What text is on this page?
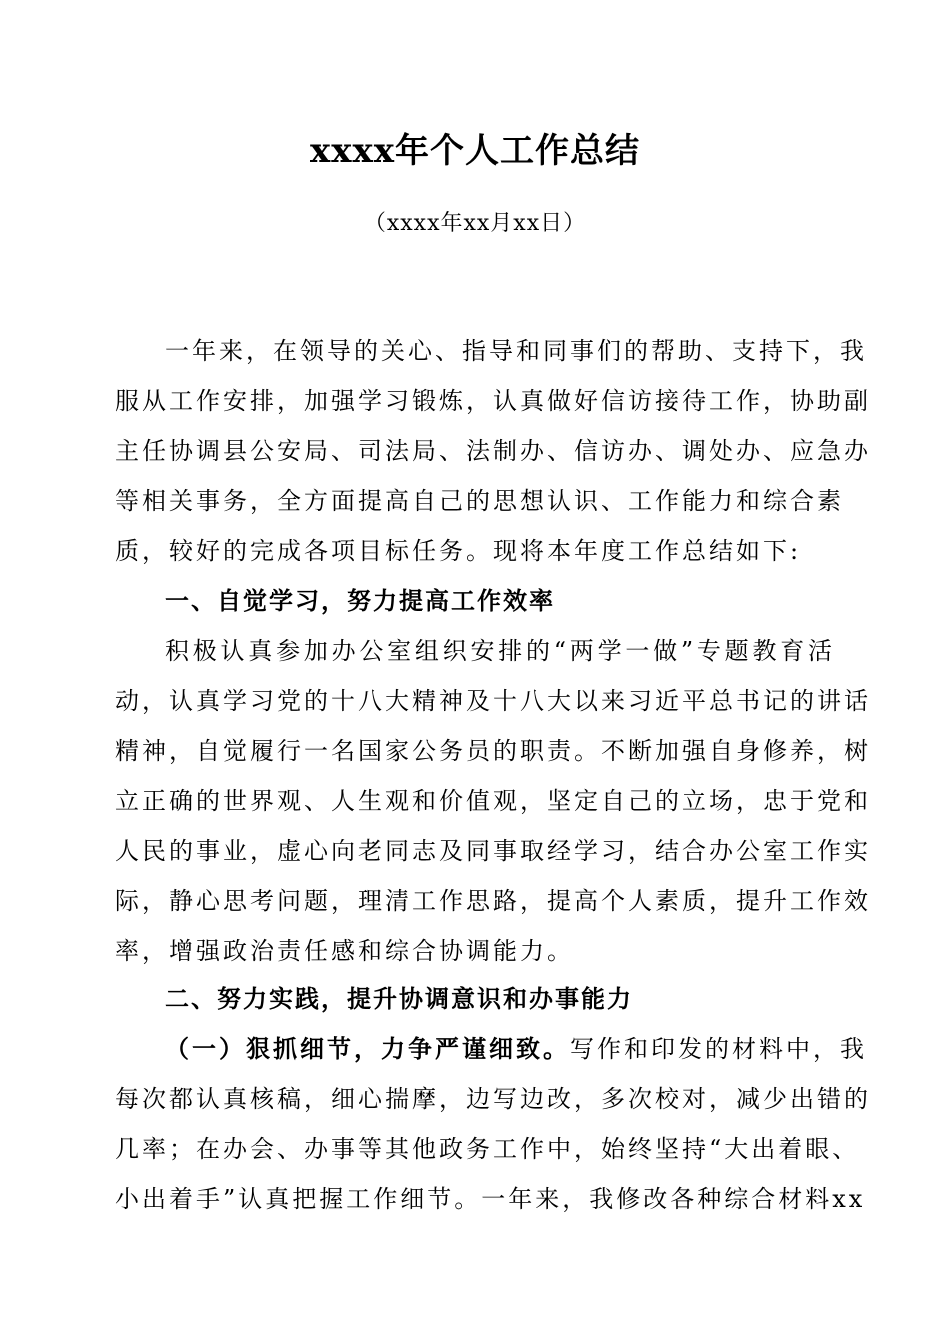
xxxx年个人工作总结
（xxxx年xx月xx日）
一年来，在领导的关心、指导和同事们的帮助、支持下，我
服从工作安排，加强学习锻炼，认真做好信访接待工作，协助副
主任协调县公安局、司法局、法制办、信访办、调处办、应急办
等相关事务，全方面提高自己的思想认识、工作能力和综合素
质，较好的完成各项目标任务。现将本年度工作总结如下:
一、自觉学习，努力提高工作效率
积极认真参加办公室组织安排的“两学一做”专题教育活
动，认真学习党的十八大精神及十八大以来习近平总书记的讲话
精神，自觉履行一名国家公务员的职责。不断加强自身修养，树
立正确的世界观、人生观和价值观，坚定自己的立场，忠于党和
人民的事业，虚心向老同志及同事取经学习，结合办公室工作实
际，静心思考问题，理清工作思路，提高个人素质，提升工作效
率，增强政治责任感和综合协调能力。
二、努力实践，提升协调意识和办事能力
（一）狠抓细节，力争严谨细致。写作和印发的材料中，我
每次都认真核稿，细心揣摩，边写边改，多次校对，减少出错的
几率；在办会、办事等其他政务工作中，始终坚持“大出着眼、
小出着手”认真把握工作细节。一年来，我修改各种综合材料xx
